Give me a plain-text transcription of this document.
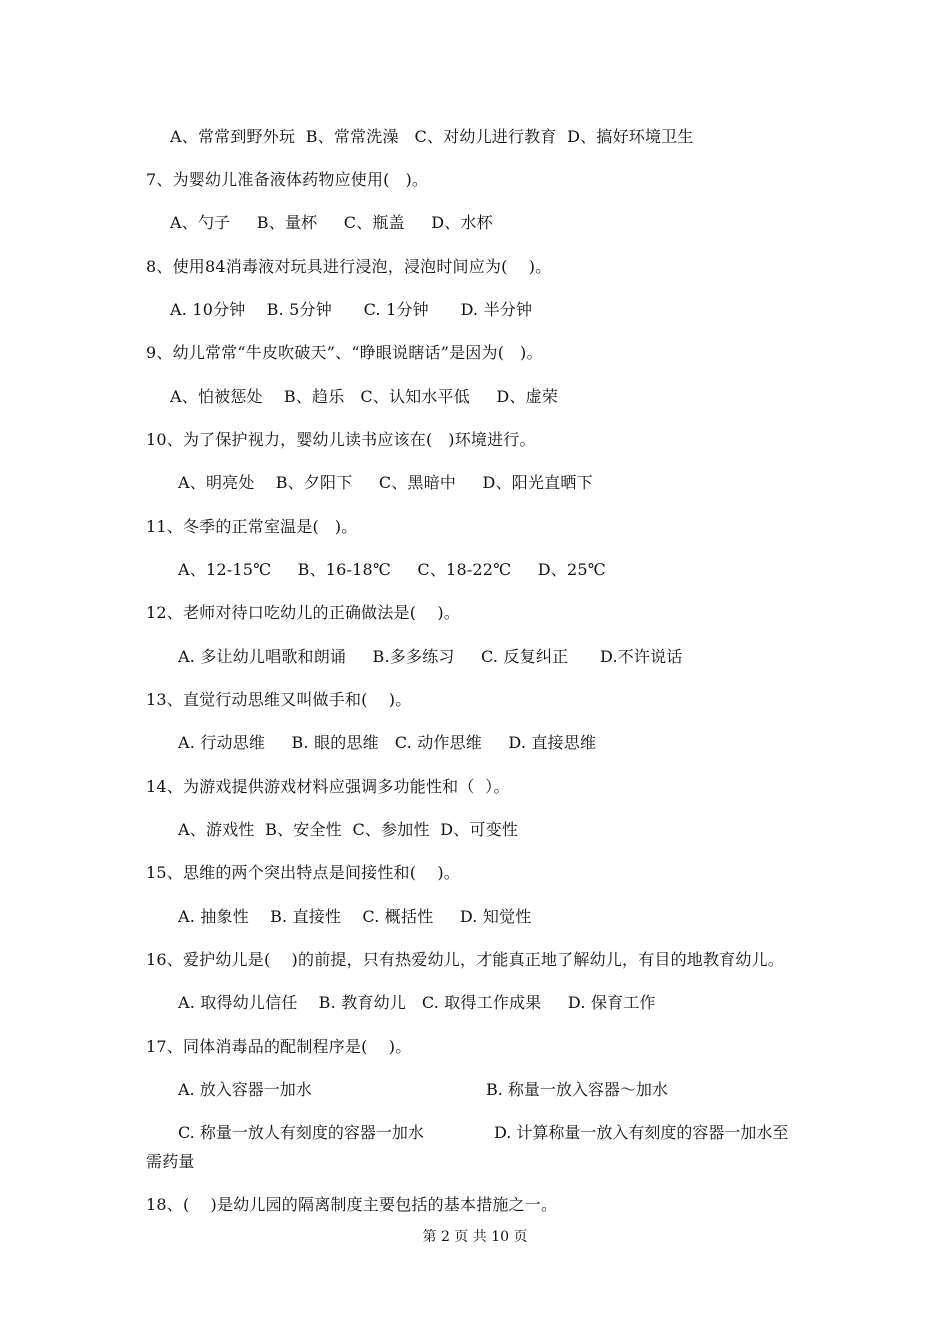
A、常常到野外玩  B、常常洗澡   C、对幼儿进行教育  D、搞好环境卫生
7、为婴幼儿准备液体药物应使用(   )。
A、勺子     B、量杯     C、瓶盖     D、水杯
8、使用84消毒液对玩具进行浸泡，浸泡时间应为(    )。
A. 10分钟    B. 5分钟      C. 1分钟      D. 半分钟
9、幼儿常常“牛皮吹破天”、“睁眼说瞎话”是因为(   )。
A、怕被惩处    B、趋乐   C、认知水平低     D、虚荣
10、为了保护视力，婴幼儿读书应该在(   )环境进行。
A、明亮处    B、夕阳下     C、黑暗中     D、阳光直晒下
11、冬季的正常室温是(   )。
A、12-15℃     B、16-18℃     C、18-22℃     D、25℃
12、老师对待口吃幼儿的正确做法是(    )。
A. 多让幼儿唱歌和朗诵     B.多多练习     C. 反复纠正      D.不许说话
13、直觉行动思维又叫做手和(    )。
A. 行动思维     B. 眼的思维   C. 动作思维     D. 直接思维
14、为游戏提供游戏材料应强调多功能性和（  ）。
A、游戏性  B、安全性  C、参加性  D、可变性
15、思维的两个突出特点是间接性和(    )。
A. 抽象性    B. 直接性    C. 概括性     D. 知觉性
16、爱护幼儿是(    )的前提，只有热爱幼儿，才能真正地了解幼儿，有目的地教育幼儿。
A. 取得幼儿信任    B. 教育幼儿   C. 取得工作成果     D. 保育工作
17、同体消毒品的配制程序是(    )。
A. 放入容器一加水	B. 称量一放入容器～加水
C. 称量一放人有刻度的容器一加水	D. 计算称量一放入有刻度的容器一加水至
需药量
18、(    )是幼儿园的隔离制度主要包括的基本措施之一。
第 2 页 共 10 页
